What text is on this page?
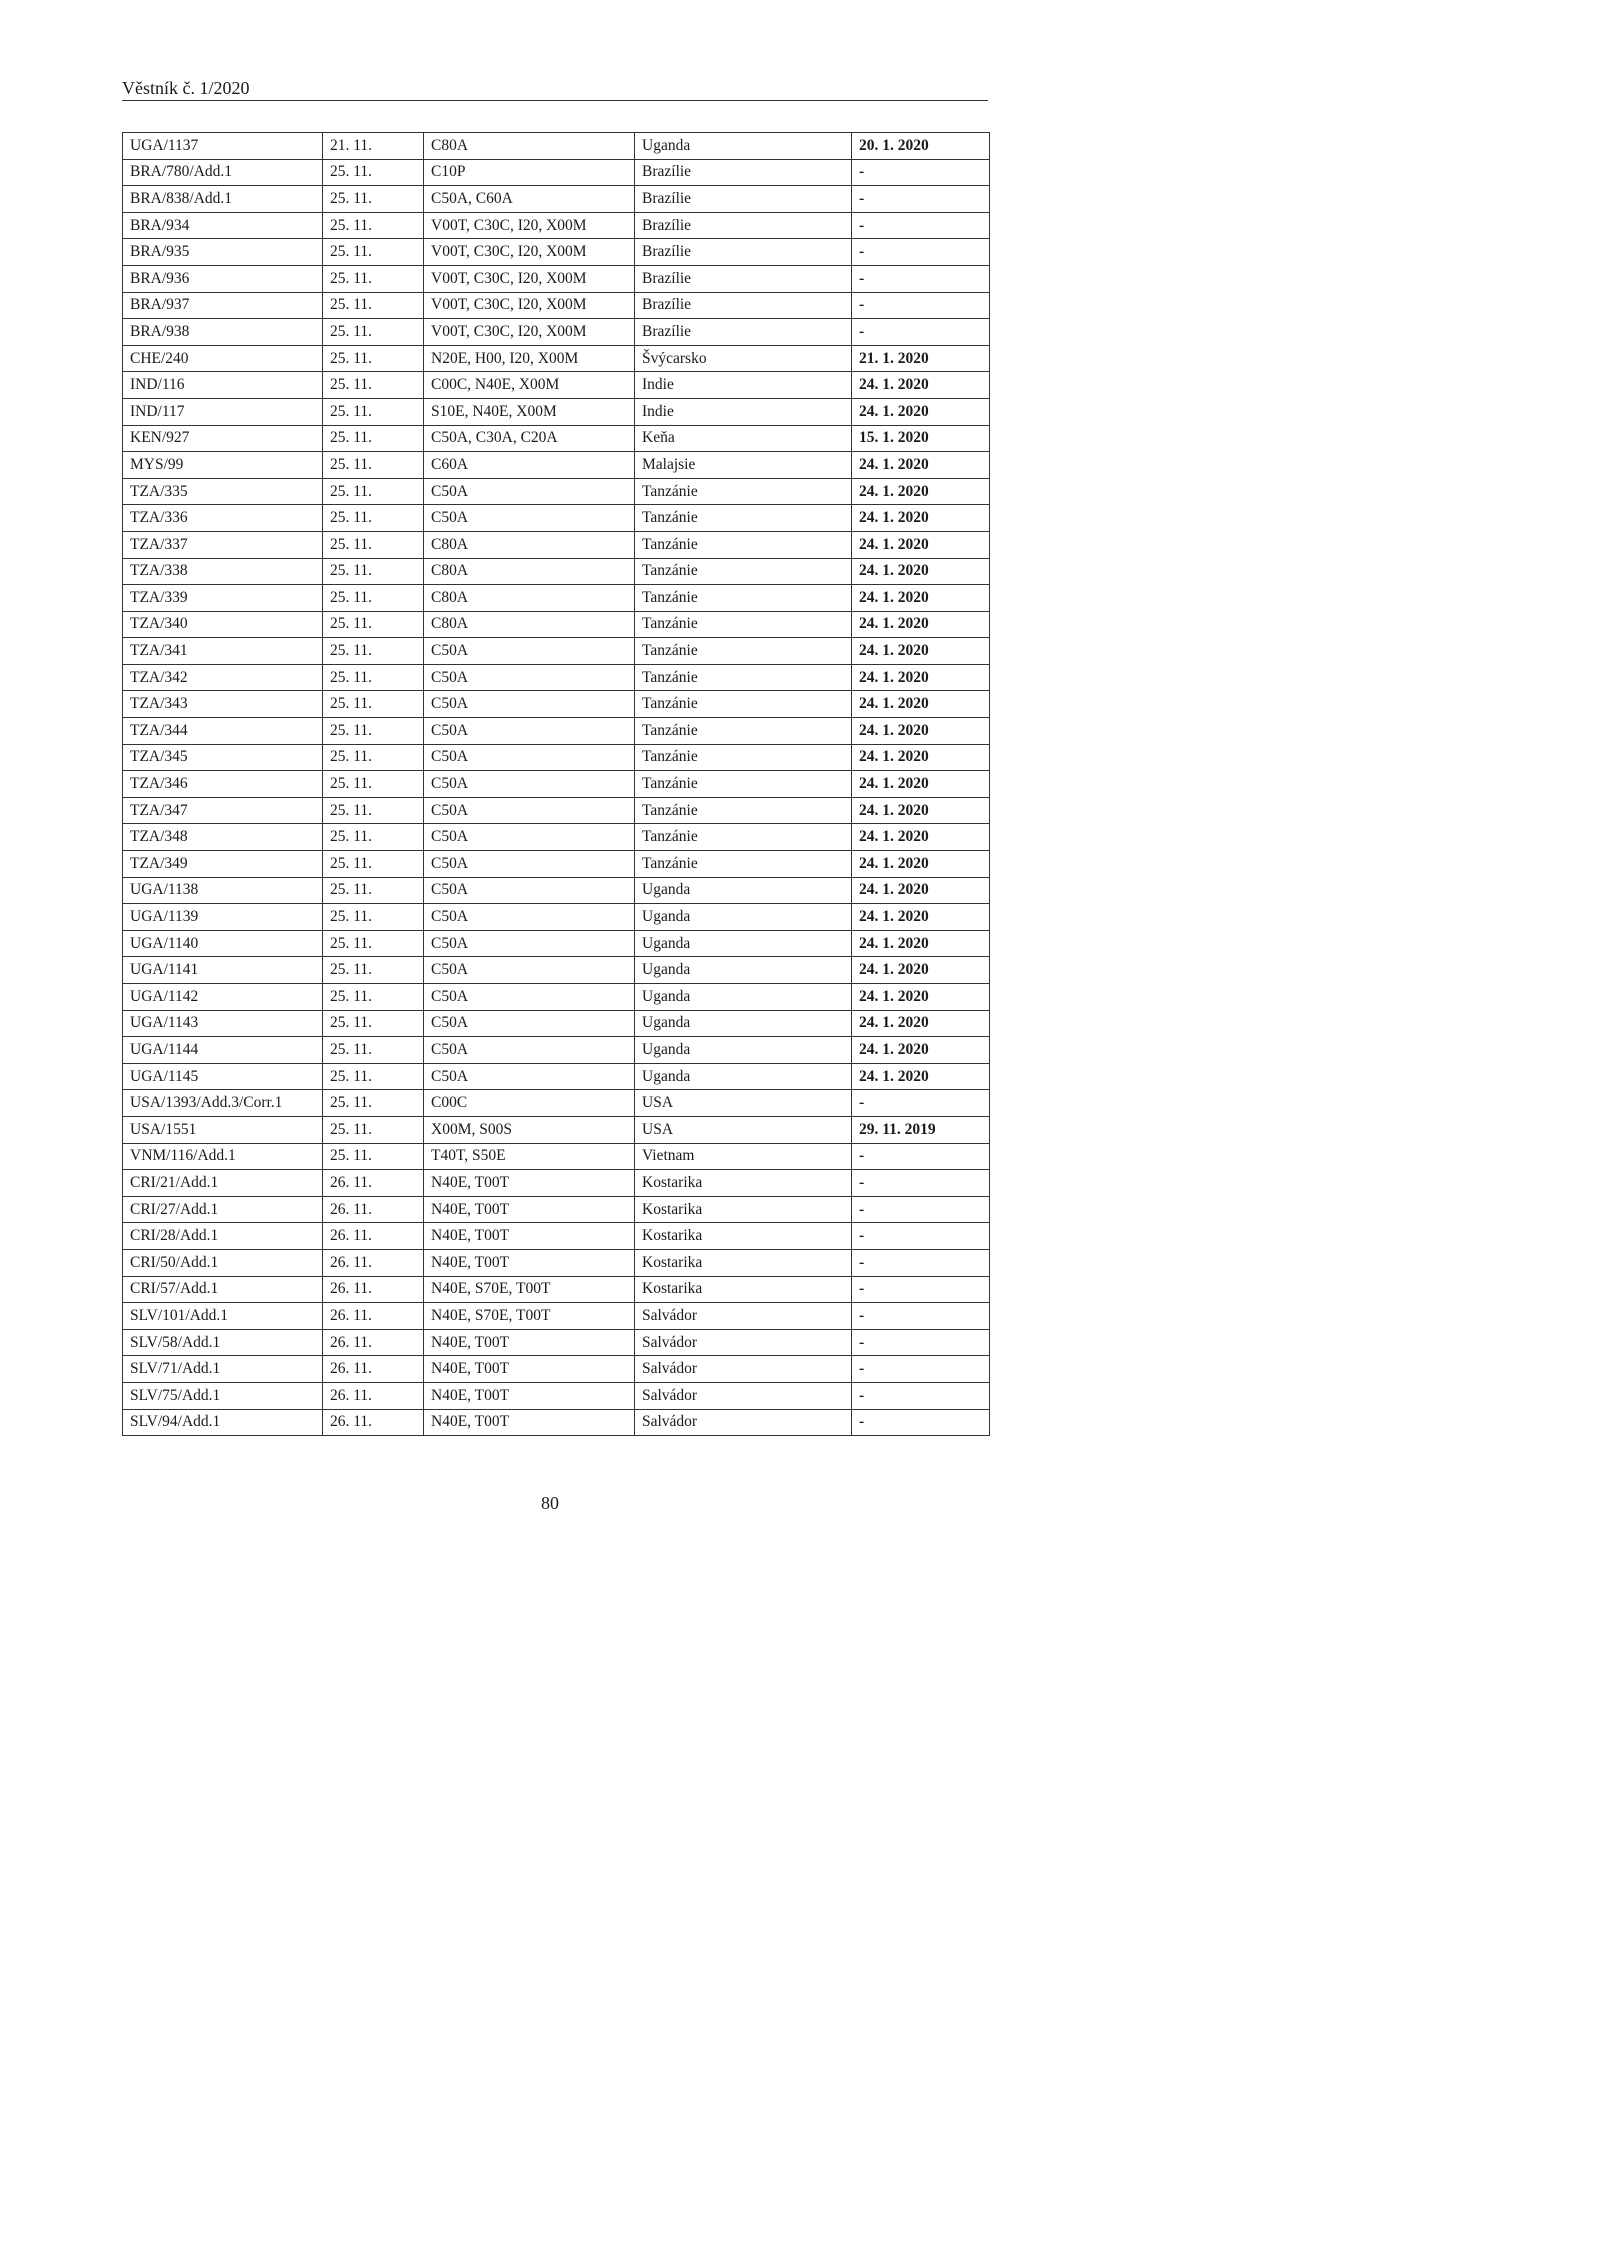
Věstník č. 1/2020
UGA/1137	21. 11.	C80A	Uganda	20. 1. 2020
BRA/780/Add.1	25. 11.	C10P	Brazílie	-
BRA/838/Add.1	25. 11.	C50A, C60A	Brazílie	-
BRA/934	25. 11.	V00T, C30C, I20, X00M	Brazílie	-
BRA/935	25. 11.	V00T, C30C, I20, X00M	Brazílie	-
BRA/936	25. 11.	V00T, C30C, I20, X00M	Brazílie	-
BRA/937	25. 11.	V00T, C30C, I20, X00M	Brazílie	-
BRA/938	25. 11.	V00T, C30C, I20, X00M	Brazílie	-
CHE/240	25. 11.	N20E, H00, I20, X00M	Švýcarsko	21. 1. 2020
IND/116	25. 11.	C00C, N40E, X00M	Indie	24. 1. 2020
IND/117	25. 11.	S10E, N40E, X00M	Indie	24. 1. 2020
KEN/927	25. 11.	C50A, C30A, C20A	Keňa	15. 1. 2020
MYS/99	25. 11.	C60A	Malajsie	24. 1. 2020
TZA/335	25. 11.	C50A	Tanzánie	24. 1. 2020
TZA/336	25. 11.	C50A	Tanzánie	24. 1. 2020
TZA/337	25. 11.	C80A	Tanzánie	24. 1. 2020
TZA/338	25. 11.	C80A	Tanzánie	24. 1. 2020
TZA/339	25. 11.	C80A	Tanzánie	24. 1. 2020
TZA/340	25. 11.	C80A	Tanzánie	24. 1. 2020
TZA/341	25. 11.	C50A	Tanzánie	24. 1. 2020
TZA/342	25. 11.	C50A	Tanzánie	24. 1. 2020
TZA/343	25. 11.	C50A	Tanzánie	24. 1. 2020
TZA/344	25. 11.	C50A	Tanzánie	24. 1. 2020
TZA/345	25. 11.	C50A	Tanzánie	24. 1. 2020
TZA/346	25. 11.	C50A	Tanzánie	24. 1. 2020
TZA/347	25. 11.	C50A	Tanzánie	24. 1. 2020
TZA/348	25. 11.	C50A	Tanzánie	24. 1. 2020
TZA/349	25. 11.	C50A	Tanzánie	24. 1. 2020
UGA/1138	25. 11.	C50A	Uganda	24. 1. 2020
UGA/1139	25. 11.	C50A	Uganda	24. 1. 2020
UGA/1140	25. 11.	C50A	Uganda	24. 1. 2020
UGA/1141	25. 11.	C50A	Uganda	24. 1. 2020
UGA/1142	25. 11.	C50A	Uganda	24. 1. 2020
UGA/1143	25. 11.	C50A	Uganda	24. 1. 2020
UGA/1144	25. 11.	C50A	Uganda	24. 1. 2020
UGA/1145	25. 11.	C50A	Uganda	24. 1. 2020
USA/1393/Add.3/Corr.1	25. 11.	C00C	USA	-
USA/1551	25. 11.	X00M, S00S	USA	29. 11. 2019
VNM/116/Add.1	25. 11.	T40T, S50E	Vietnam	-
CRI/21/Add.1	26. 11.	N40E, T00T	Kostarika	-
CRI/27/Add.1	26. 11.	N40E, T00T	Kostarika	-
CRI/28/Add.1	26. 11.	N40E, T00T	Kostarika	-
CRI/50/Add.1	26. 11.	N40E, T00T	Kostarika	-
CRI/57/Add.1	26. 11.	N40E, S70E, T00T	Kostarika	-
SLV/101/Add.1	26. 11.	N40E, S70E, T00T	Salvádor	-
SLV/58/Add.1	26. 11.	N40E, T00T	Salvádor	-
SLV/71/Add.1	26. 11.	N40E, T00T	Salvádor	-
SLV/75/Add.1	26. 11.	N40E, T00T	Salvádor	-
SLV/94/Add.1	26. 11.	N40E, T00T	Salvádor	-
80
